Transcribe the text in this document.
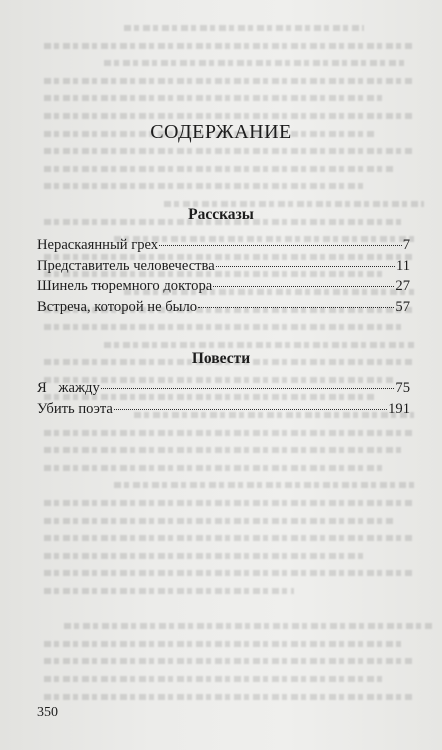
СОДЕРЖАНИЕ
Рассказы
Нераскаянный грех	7
Представитель человечества	11
Шинель тюремного доктора	27
Встреча, которой не было	57
Повести
Я жажду	75
Убить поэта	191
350
